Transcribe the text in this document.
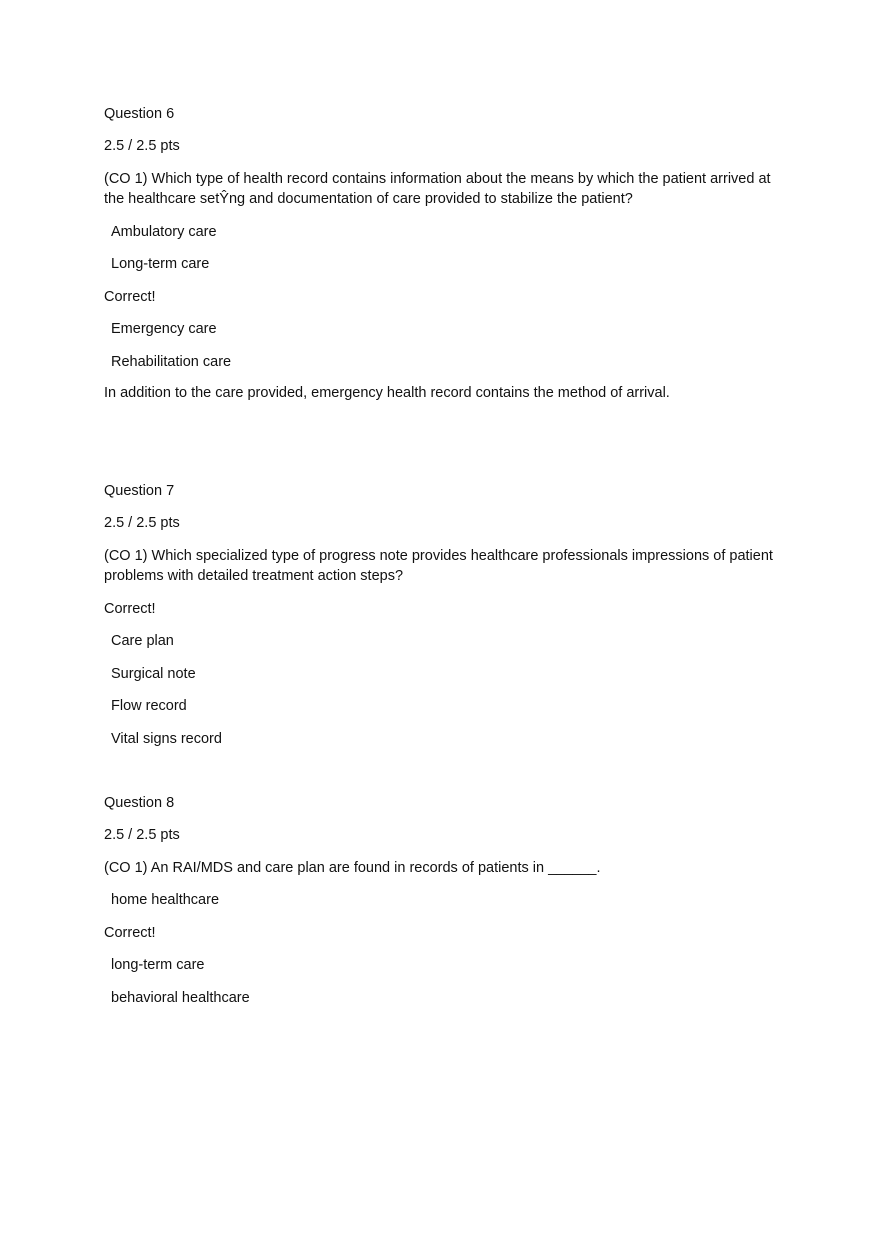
Question 6

2.5 / 2.5 pts

(CO 1) Which type of health record contains information about the means by which the patient arrived at the healthcare setŶng and documentation of care provided to stabilize the patient?

Ambulatory care

Long-term care

Correct!

Emergency care

Rehabilitation care

In addition to the care provided, emergency health record contains the method of arrival.

Question 7

2.5 / 2.5 pts

(CO 1) Which specialized type of progress note provides healthcare professionals impressions of patient problems with detailed treatment action steps?

Correct!

Care plan

Surgical note

Flow record

Vital signs record

Question 8

2.5 / 2.5 pts

(CO 1) An RAI/MDS and care plan are found in records of patients in ______.

home healthcare

Correct!

long-term care

behavioral healthcare
